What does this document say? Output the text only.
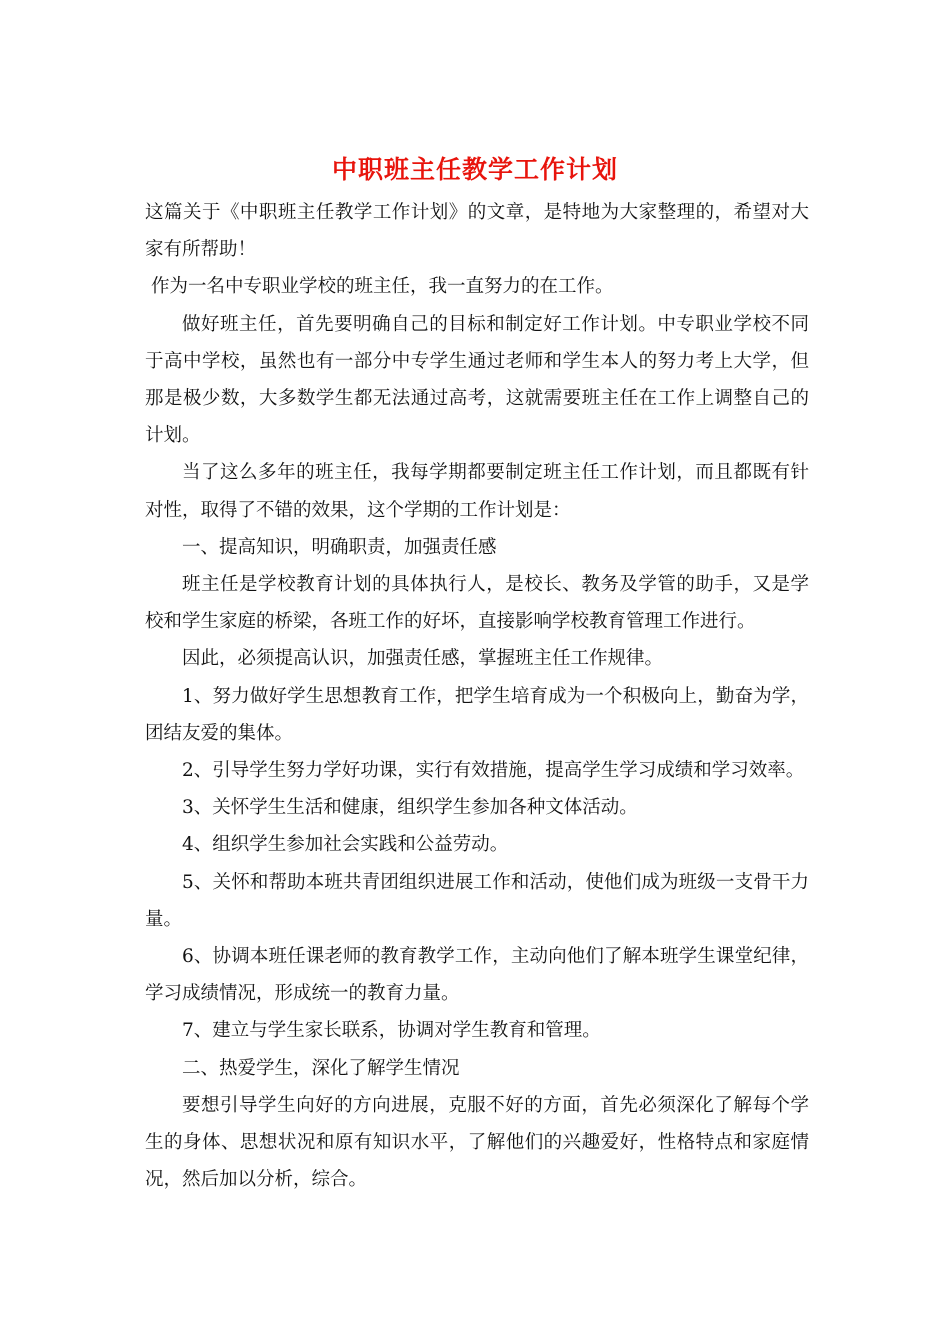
中职班主任教学工作计划

这篇关于《中职班主任教学工作计划》的文章，是特地为大家整理的，希望对大家有所帮助！

作为一名中专职业学校的班主任，我一直努力的在工作。

做好班主任，首先要明确自己的目标和制定好工作计划。中专职业学校不同于高中学校，虽然也有一部分中专学生通过老师和学生本人的努力考上大学，但那是极少数，大多数学生都无法通过高考，这就需要班主任在工作上调整自己的计划。

当了这么多年的班主任，我每学期都要制定班主任工作计划，而且都既有针对性，取得了不错的效果，这个学期的工作计划是：

一、提高知识，明确职责，加强责任感

班主任是学校教育计划的具体执行人，是校长、教务及学管的助手，又是学校和学生家庭的桥梁，各班工作的好坏，直接影响学校教育管理工作进行。

因此，必须提高认识，加强责任感，掌握班主任工作规律。

1、努力做好学生思想教育工作，把学生培育成为一个积极向上，勤奋为学，团结友爱的集体。

2、引导学生努力学好功课，实行有效措施，提高学生学习成绩和学习效率。

3、关怀学生生活和健康，组织学生参加各种文体活动。

4、组织学生参加社会实践和公益劳动。

5、关怀和帮助本班共青团组织进展工作和活动，使他们成为班级一支骨干力量。

6、协调本班任课老师的教育教学工作，主动向他们了解本班学生课堂纪律，学习成绩情况，形成统一的教育力量。

7、建立与学生家长联系，协调对学生教育和管理。

二、热爱学生，深化了解学生情况

要想引导学生向好的方向进展，克服不好的方面，首先必须深化了解每个学生的身体、思想状况和原有知识水平，了解他们的兴趣爱好，性格特点和家庭情况，然后加以分析，综合。
